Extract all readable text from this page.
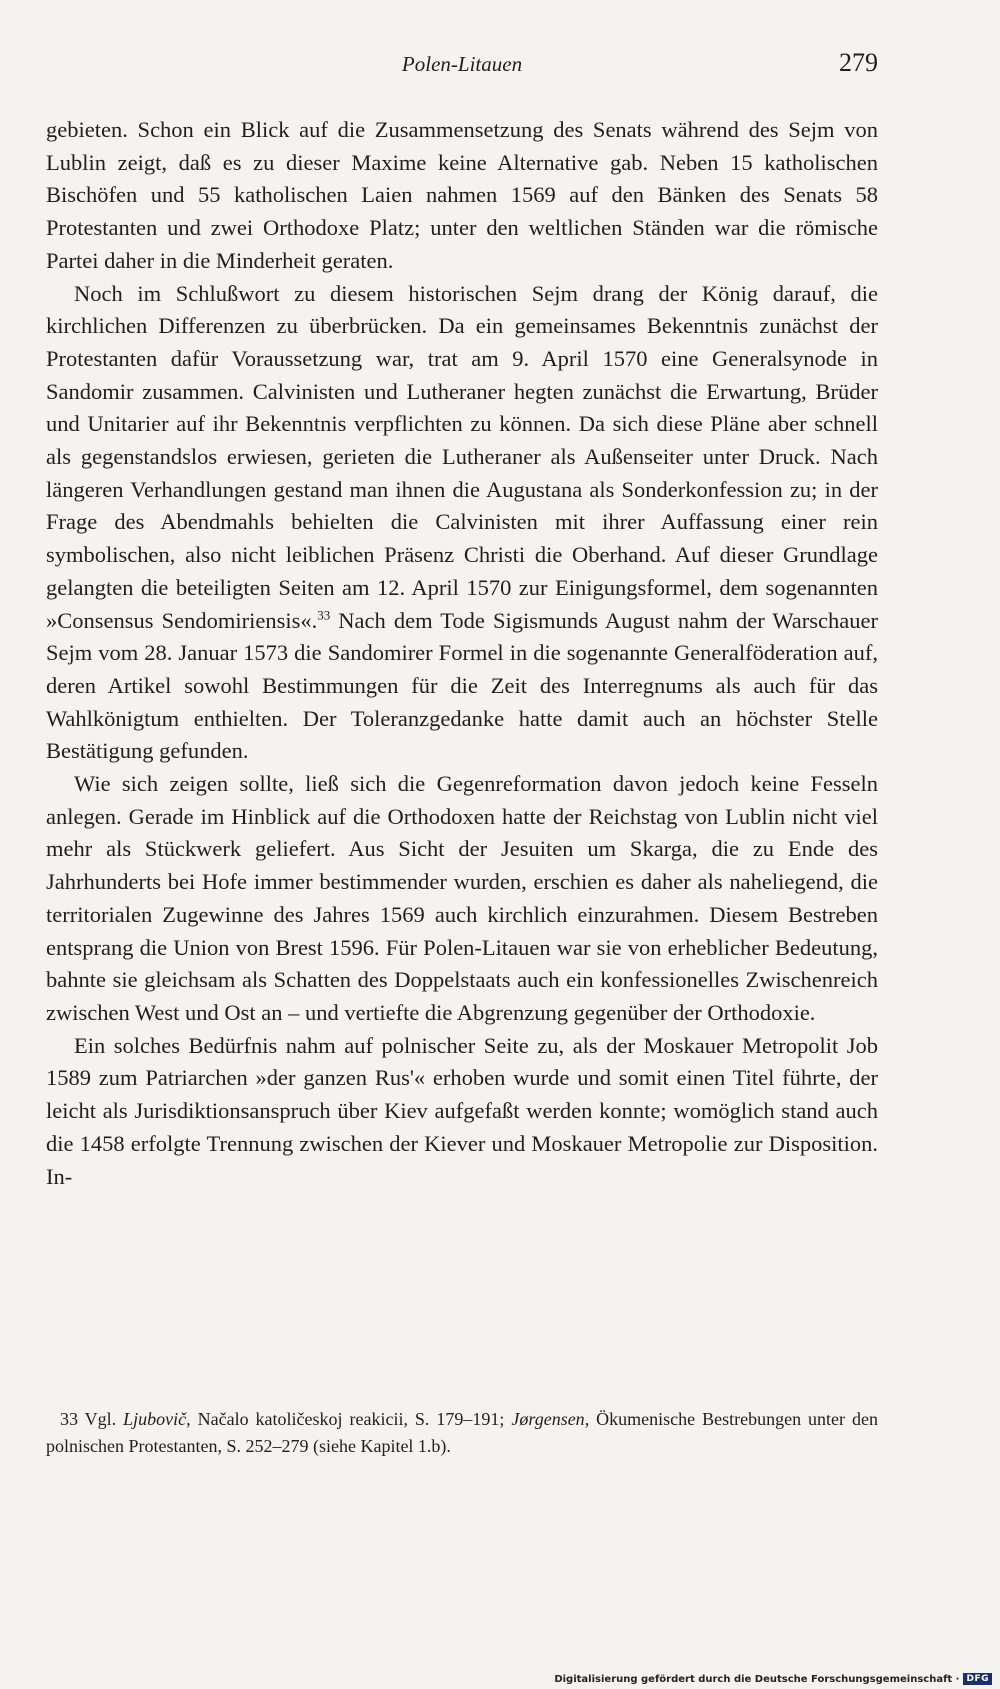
Polen-Litauen	279

gebieten. Schon ein Blick auf die Zusammensetzung des Senats während des Sejm von Lublin zeigt, daß es zu dieser Maxime keine Alternative gab. Neben 15 katholischen Bischöfen und 55 katholischen Laien nahmen 1569 auf den Bänken des Senats 58 Protestanten und zwei Orthodoxe Platz; unter den weltlichen Ständen war die römische Partei daher in die Minderheit geraten.

Noch im Schlußwort zu diesem historischen Sejm drang der König darauf, die kirchlichen Differenzen zu überbrücken. Da ein gemeinsames Bekenntnis zunächst der Protestanten dafür Voraussetzung war, trat am 9. April 1570 eine Generalsynode in Sandomir zusammen. Calvinisten und Lutheraner hegten zunächst die Erwartung, Brüder und Unitarier auf ihr Bekenntnis verpflichten zu können. Da sich diese Pläne aber schnell als gegenstandslos erwiesen, gerieten die Lutheraner als Außenseiter unter Druck. Nach längeren Verhandlungen gestand man ihnen die Augustana als Sonderkonfession zu; in der Frage des Abendmahls behielten die Calvinisten mit ihrer Auffassung einer rein symbolischen, also nicht leiblichen Präsenz Christi die Oberhand. Auf dieser Grundlage gelangten die beteiligten Seiten am 12. April 1570 zur Einigungsformel, dem sogenannten »Consensus Sendomiriensis«.$^{33}$ Nach dem Tode Sigismunds August nahm der Warschauer Sejm vom 28. Januar 1573 die Sandomirer Formel in die sogenannte Generalföderation auf, deren Artikel sowohl Bestimmungen für die Zeit des Interregnums als auch für das Wahlkönigtum enthielten. Der Toleranzgedanke hatte damit auch an höchster Stelle Bestätigung gefunden.

Wie sich zeigen sollte, ließ sich die Gegenreformation davon jedoch keine Fesseln anlegen. Gerade im Hinblick auf die Orthodoxen hatte der Reichstag von Lublin nicht viel mehr als Stückwerk geliefert. Aus Sicht der Jesuiten um Skarga, die zu Ende des Jahrhunderts bei Hofe immer bestimmender wurden, erschien es daher als naheliegend, die territorialen Zugewinne des Jahres 1569 auch kirchlich einzurahmen. Diesem Bestreben entsprang die Union von Brest 1596. Für Polen-Litauen war sie von erheblicher Bedeutung, bahnte sie gleichsam als Schatten des Doppelstaats auch ein konfessionelles Zwischenreich zwischen West und Ost an – und vertiefte die Abgrenzung gegenüber der Orthodoxie.

Ein solches Bedürfnis nahm auf polnischer Seite zu, als der Moskauer Metropolit Job 1589 zum Patriarchen »der ganzen Rus'« erhoben wurde und somit einen Titel führte, der leicht als Jurisdiktionsanspruch über Kiev aufgefaßt werden konnte; womöglich stand auch die 1458 erfolgte Trennung zwischen der Kiever und Moskauer Metropolie zur Disposition. In-

33 Vgl. Ljubovič, Načalo katoličeskoj reakicii, S. 179–191; Jørgensen, Ökumenische Bestrebungen unter den polnischen Protestanten, S. 252–279 (siehe Kapitel 1.b).

Digitalisierung gefördert durch die Deutsche Forschungsgemeinschaft · DFG
